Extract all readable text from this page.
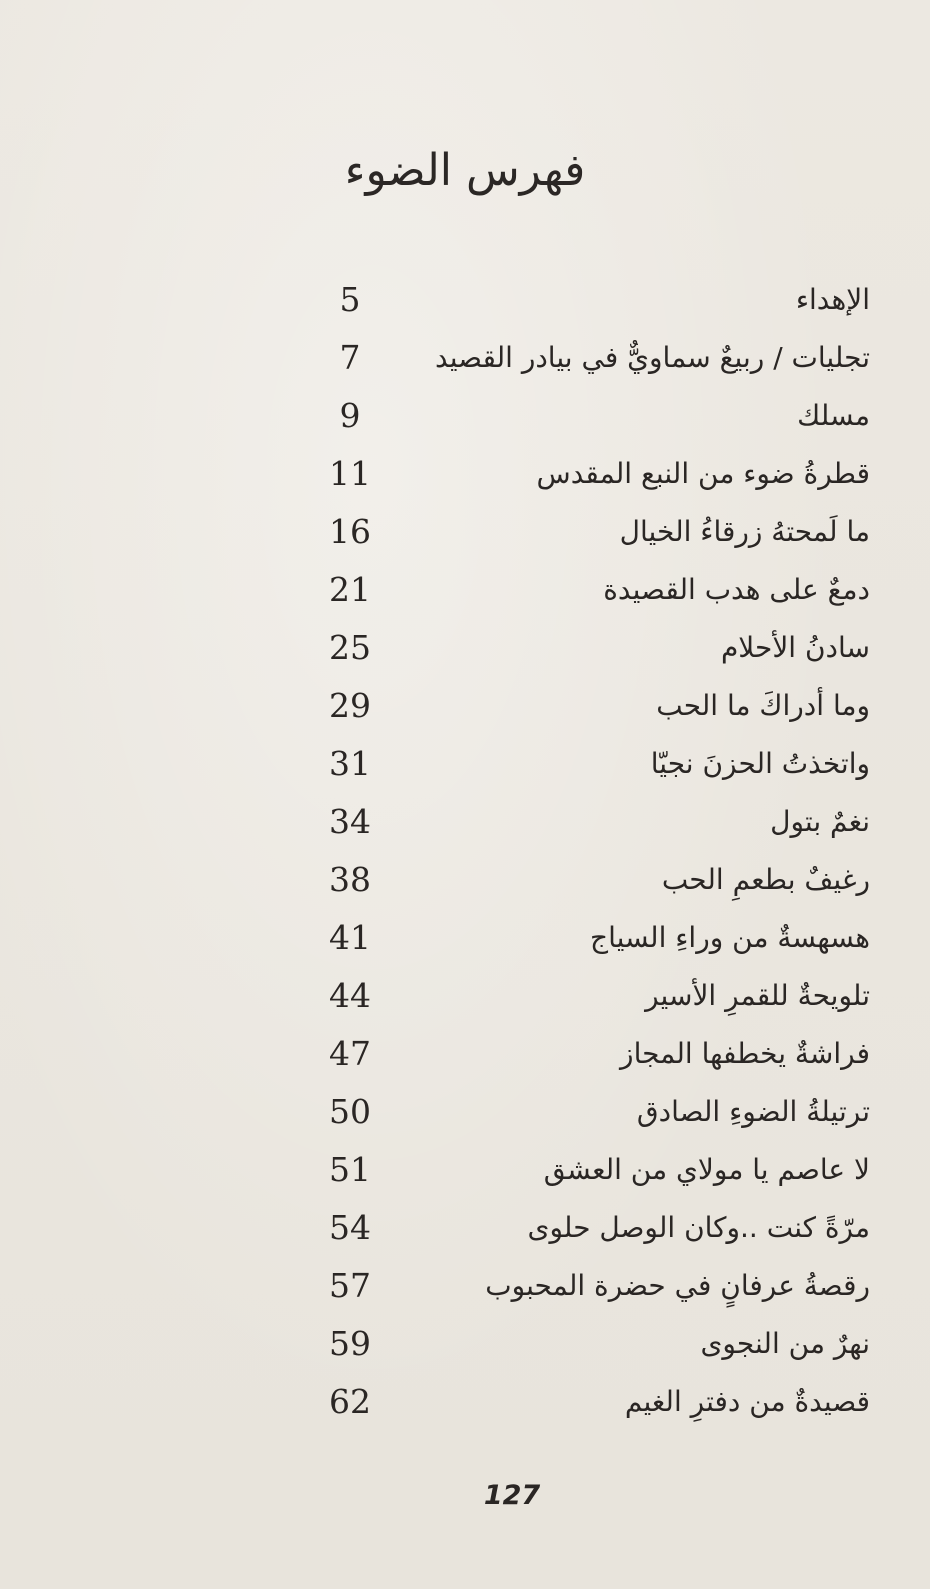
فهرس الضوء
الإهداء
5
تجليات / ربيعٌ سماويٌّ في بيادر القصيد
7
مسلك
9
قطرةُ ضوء من النبع المقدس
11
ما لَمحتهُ زرقاءُ الخيال
16
دمعٌ على هدب القصيدة
21
سادنُ الأحلام
25
وما أدراكَ ما الحب
29
واتخذتُ الحزنَ نجيّا
31
نغمٌ بتول
34
رغيفٌ بطعمِ الحب
38
هسهسةٌ من وراءِ السياج
41
تلويحةٌ للقمرِ الأسير
44
فراشةٌ يخطفها المجاز
47
ترتيلةُ الضوءِ الصادق
50
لا عاصم يا مولاي من العشق
51
مرّةً كنت ..وكان الوصل حلوى
54
رقصةُ عرفانٍ في حضرة المحبوب
57
نهرٌ من النجوى
59
قصيدةٌ من دفترِ الغيم
62
127
